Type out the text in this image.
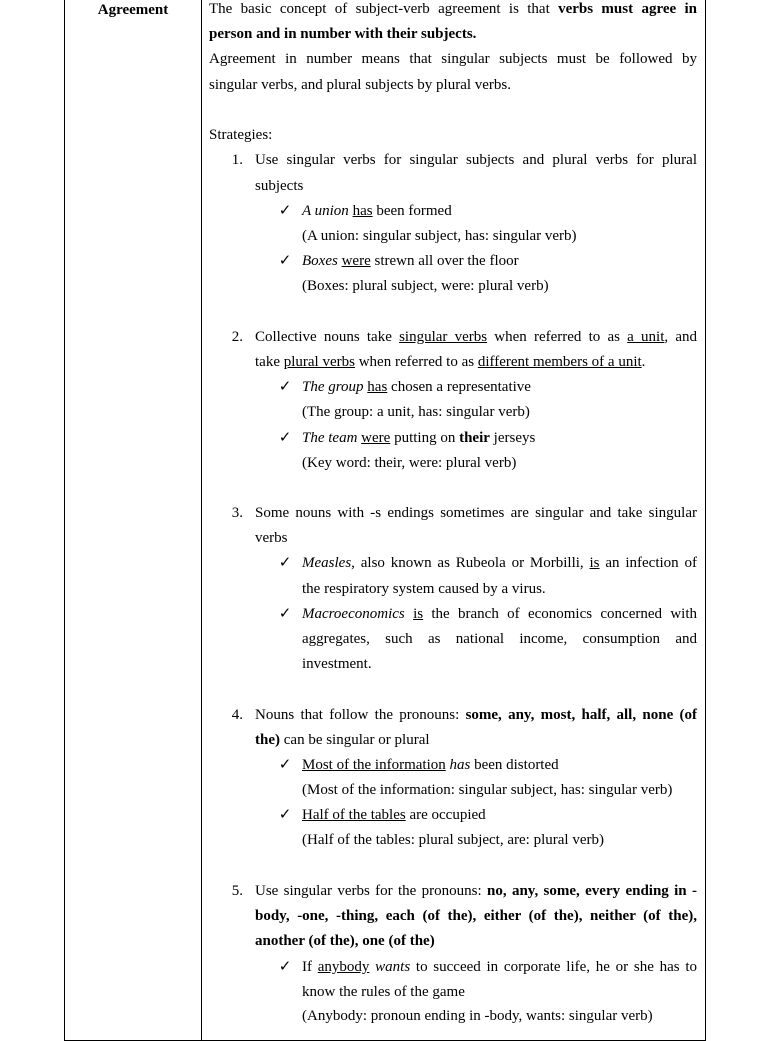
Agreement	The basic concept of subject-verb agreement is that verbs must agree in
person and in number with their subjects.
Agreement in number means that singular subjects must be followed by
singular verbs, and plural subjects by plural verbs.
Strategies:
1. Use singular verbs for singular subjects and plural verbs for plural
subjects
✓ A union has been formed
(A union: singular subject, has: singular verb)
✓ Boxes were strewn all over the floor
(Boxes: plural subject, were: plural verb)
2. Collective nouns take singular verbs when referred to as a unit, and
take plural verbs when referred to as different members of a unit.
✓ The group has chosen a representative
(The group: a unit, has: singular verb)
✓ The team were putting on their jerseys
(Key word: their, were: plural verb)
3. Some nouns with -s endings sometimes are singular and take singular
verbs
✓ Measles, also known as Rubeola or Morbilli, is an infection of
the respiratory system caused by a virus.
✓ Macroeconomics is the branch of economics concerned with
aggregates, such as national income, consumption and
investment.
4. Nouns that follow the pronouns: some, any, most, half, all, none (of
the) can be singular or plural
✓ Most of the information has been distorted
(Most of the information: singular subject, has: singular verb)
✓ Half of the tables are occupied
(Half of the tables: plural subject, are: plural verb)
5. Use singular verbs for the pronouns: no, any, some, every ending in -
body, -one, -thing, each (of the), either (of the), neither (of the),
another (of the), one (of the)
✓ If anybody wants to succeed in corporate life, he or she has to
know the rules of the game
(Anybody: pronoun ending in -body, wants: singular verb)
